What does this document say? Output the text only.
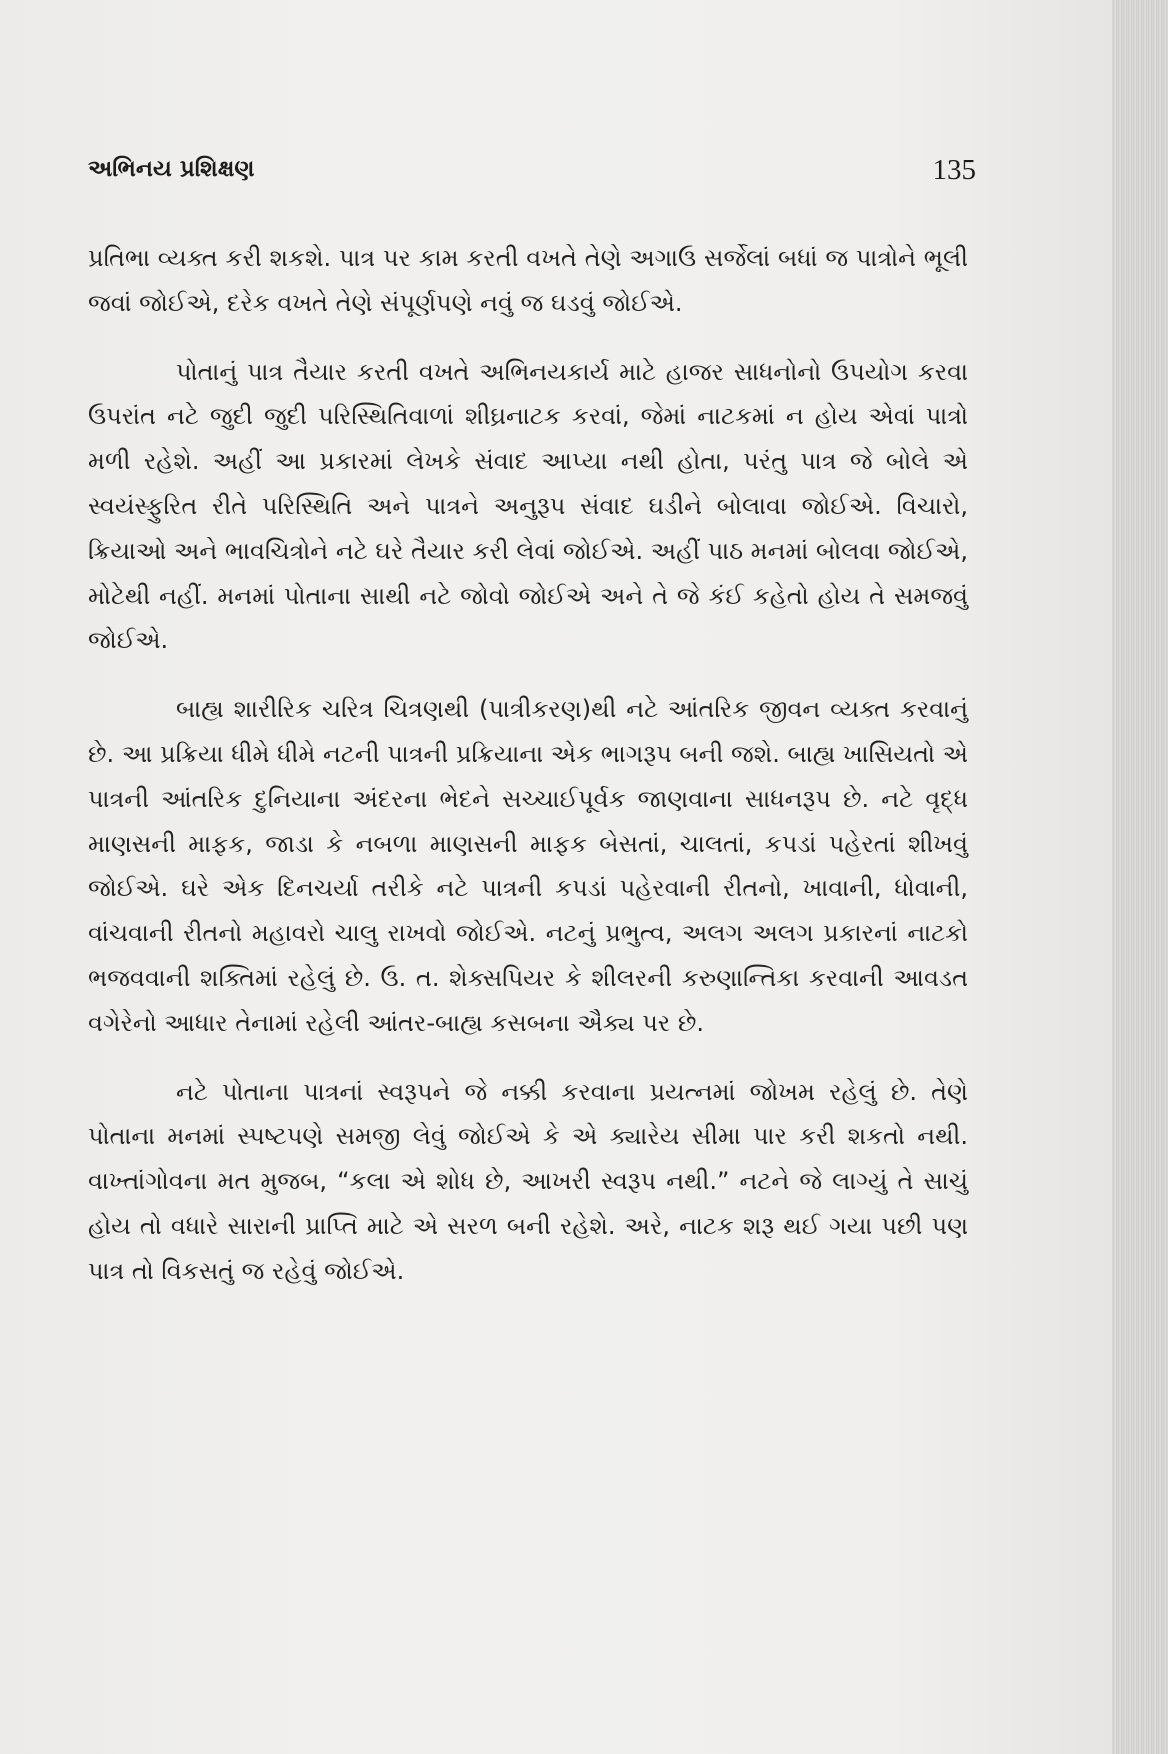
અભિનય પ્રશિક્ષણ	135

પ્રતિભા વ્યક્ત કરી શકશે. પાત્ર પર કામ કરતી વખતે તેણે અગાઉ સર્જેલાં બધાં જ પાત્રોને ભૂલી જવાં જોઈએ, દરેક વખતે તેણે સંપૂર્ણપણે નવું જ ઘડવું જોઈએ.

પોતાનું પાત્ર તૈયાર કરતી વખતે અભિનયકાર્ય માટે હાજર સાધનોનો ઉપયોગ કરવા ઉપરાંત નટે જુદી જુદી પરિસ્થિતિવાળાં શીઘ્રનાટક કરવાં, જેમાં નાટકમાં ન હોય એવાં પાત્રો મળી રહેશે. અહીં આ પ્રકારમાં લેખકે સંવાદ આપ્યા નથી હોતા, પરંતુ પાત્ર જે બોલે એ સ્વયંસ્ફુરિત રીતે પરિસ્થિતિ અને પાત્રને અનુરૂપ સંવાદ ઘડીને બોલાવા જોઈએ. વિચારો, ક્રિયાઓ અને ભાવચિત્રોને નટે ઘરે તૈયાર કરી લેવાં જોઈએ. અહીં પાઠ મનમાં બોલવા જોઈએ, મોટેથી નહીં. મનમાં પોતાના સાથી નટે જોવો જોઈએ અને તે જે કંઈ કહેતો હોય તે સમજવું જોઈએ.

બાહ્ય શારીરિક ચરિત્ર ચિત્રણથી (પાત્રીકરણ)થી નટે આંતરિક જીવન વ્યક્ત કરવાનું છે. આ પ્રક્રિયા ધીમે ધીમે નટની પાત્રની પ્રક્રિયાના એક ભાગરૂપ બની જશે. બાહ્ય ખાસિયતો એ પાત્રની આંતરિક દુનિયાના અંદરના ભેદને સચ્ચાઈપૂર્વક જાણવાના સાધનરૂપ છે. નટે વૃદ્ધ માણસની માફક, જાડા કે નબળા માણસની માફક બેસતાં, ચાલતાં, કપડાં પહેરતાં શીખવું જોઈએ. ઘરે એક દિનચર્યા તરીકે નટે પાત્રની કપડાં પહેરવાની રીતનો, ખાવાની, ધોવાની, વાંચવાની રીતનો મહાવરો ચાલુ રાખવો જોઈએ. નટનું પ્રભુત્વ, અલગ અલગ પ્રકારનાં નાટકો ભજવવાની શક્તિમાં રહેલું છે. ઉ. ત. શેક્સપિયર કે શીલરની કરુણાન્તિકા કરવાની આવડત વગેરેનો આધાર તેનામાં રહેલી આંતર-બાહ્ય કસબના ઐક્ય પર છે.

નટે પોતાના પાત્રનાં સ્વરૂપને જે નક્કી કરવાના પ્રયત્નમાં જોખમ રહેલું છે. તેણે પોતાના મનમાં સ્પષ્ટપણે સમજી લેવું જોઈએ કે એ ક્યારેય સીમા પાર કરી શકતો નથી. વાખ્તાંગોવના મત મુજબ, “કલા એ શોધ છે, આખરી સ્વરૂપ નથી.” નટને જે લાગ્યું તે સાચું હોય તો વધારે સારાની પ્રાપ્તિ માટે એ સરળ બની રહેશે. અરે, નાટક શરૂ થઈ ગયા પછી પણ પાત્ર તો વિકસતું જ રહેવું જોઈએ.
